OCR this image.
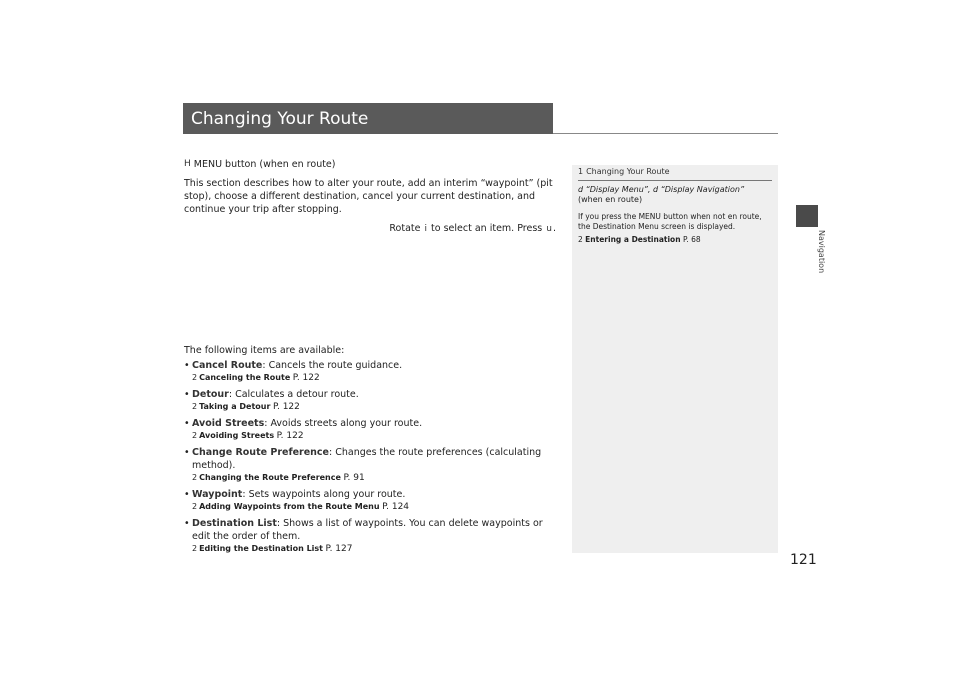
Changing Your Route
Navigation
121

H MENU button (when en route)

This section describes how to alter your route, add an interim “waypoint” (pit stop), choose a different destination, cancel your current destination, and continue your trip after stopping.

Rotate i to select an item. Press u.

The following items are available:

• Cancel Route: Cancels the route guidance.
2 Canceling the Route P. 122
• Detour: Calculates a detour route.
2 Taking a Detour P. 122
• Avoid Streets: Avoids streets along your route.
2 Avoiding Streets P. 122
• Change Route Preference: Changes the route preferences (calculating method).
2 Changing the Route Preference P. 91
• Waypoint: Sets waypoints along your route.
2 Adding Waypoints from the Route Menu P. 124
• Destination List: Shows a list of waypoints. You can delete waypoints or edit the order of them.
2 Editing the Destination List P. 127
1 Changing Your Route

d “Display Menu”, d “Display Navigation”

(when en route)

If you press the MENU button when not en route, the Destination Menu screen is displayed.

2 Entering a Destination P. 68
